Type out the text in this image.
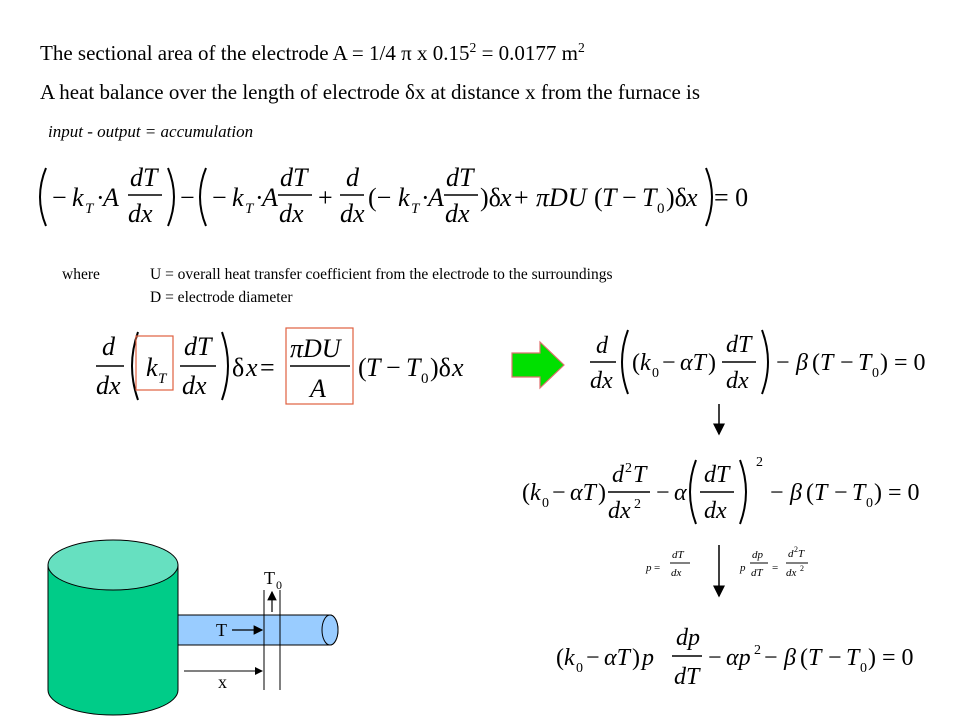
The sectional area of the electrode A = 1/4 π x $0.15^2 = 0.0177$ $m^2$
A heat balance over the length of electrode δx at distance x from the furnace is
input - output = accumulation
where	U = overall heat transfer coefficient from the electrode to the surroundings
D = electrode diameter
− k T ·
A
dT
dx
− − k T ·
A
dT
dx
+
d
dx
(− k T ·
A
dT
dx
)δ x + πDU ( T − T 0 )δ x = 0
d
dx
k T
dT
dx
δ x =
πDU
A
( T − T 0 )δ x
d
dx
( k 0 − αT )
dT
dx
− β ( T − T 0 ) = 0
( k 0 − αT )
d 2 T
dx 2 − α
dT
dx
2
− β ( T − T 0 ) = 0
p =
dT
dx	p
dp
dT =
d 2 T
dx 2
( k 0 − αT ) p
dp
dT
− αp 2 − β ( T − T 0 ) = 0
T 0
T
x
